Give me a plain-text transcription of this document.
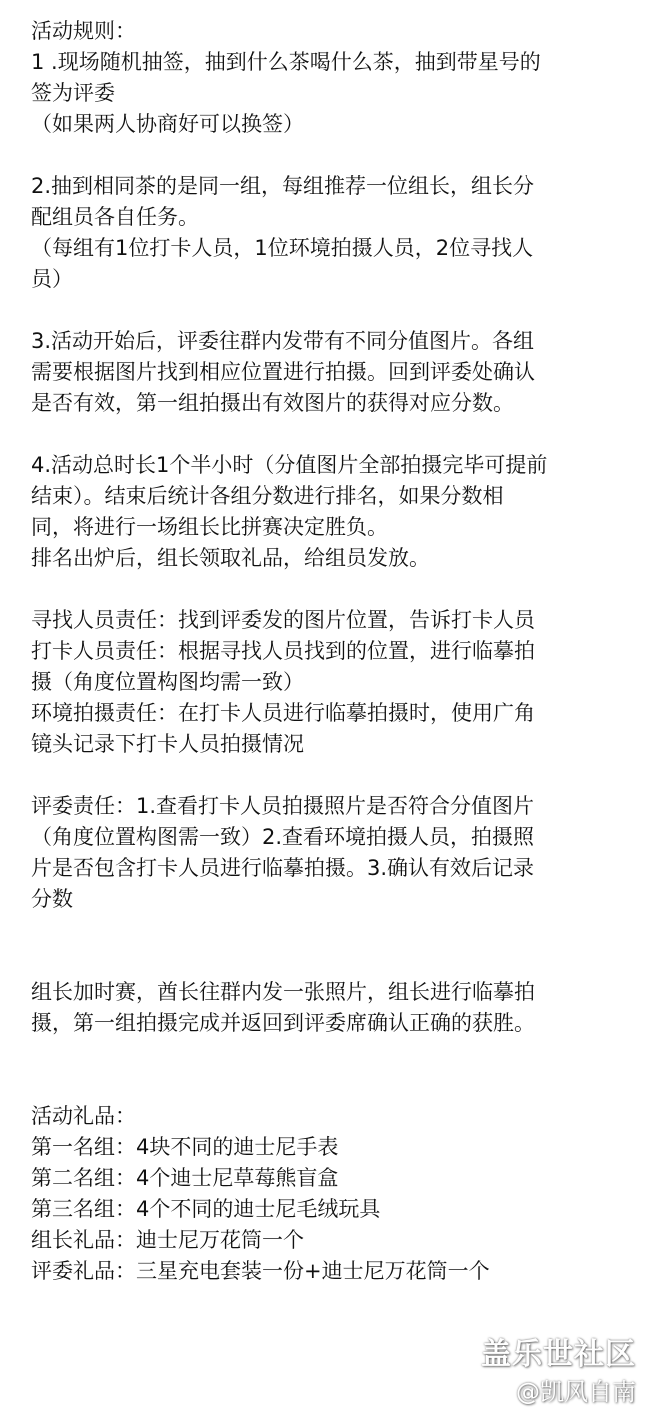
活动规则：
1 .现场随机抽签，抽到什么茶喝什么茶，抽到带星号的
签为评委
（如果两人协商好可以换签）
2.抽到相同茶的是同一组，每组推荐一位组长，组长分
配组员各自任务。
（每组有1位打卡人员，1位环境拍摄人员，2位寻找人
员）
3.活动开始后，评委往群内发带有不同分值图片。各组
需要根据图片找到相应位置进行拍摄。回到评委处确认
是否有效，第一组拍摄出有效图片的获得对应分数。
4.活动总时长1个半小时（分值图片全部拍摄完毕可提前
结束）。结束后统计各组分数进行排名，如果分数相
同，将进行一场组长比拼赛决定胜负。
排名出炉后，组长领取礼品，给组员发放。
寻找人员责任：找到评委发的图片位置，告诉打卡人员
打卡人员责任：根据寻找人员找到的位置，进行临摹拍
摄（角度位置构图均需一致）
环境拍摄责任：在打卡人员进行临摹拍摄时，使用广角
镜头记录下打卡人员拍摄情况
评委责任：1.查看打卡人员拍摄照片是否符合分值图片
（角度位置构图需一致）2.查看环境拍摄人员，拍摄照
片是否包含打卡人员进行临摹拍摄。3.确认有效后记录
分数
组长加时赛，酋长往群内发一张照片，组长进行临摹拍
摄，第一组拍摄完成并返回到评委席确认正确的获胜。
活动礼品：
第一名组：4块不同的迪士尼手表
第二名组：4个迪士尼草莓熊盲盒
第三名组：4个不同的迪士尼毛绒玩具
组长礼品：迪士尼万花筒一个
评委礼品：三星充电套装一份+迪士尼万花筒一个
盖乐世社区
@凯风自南
